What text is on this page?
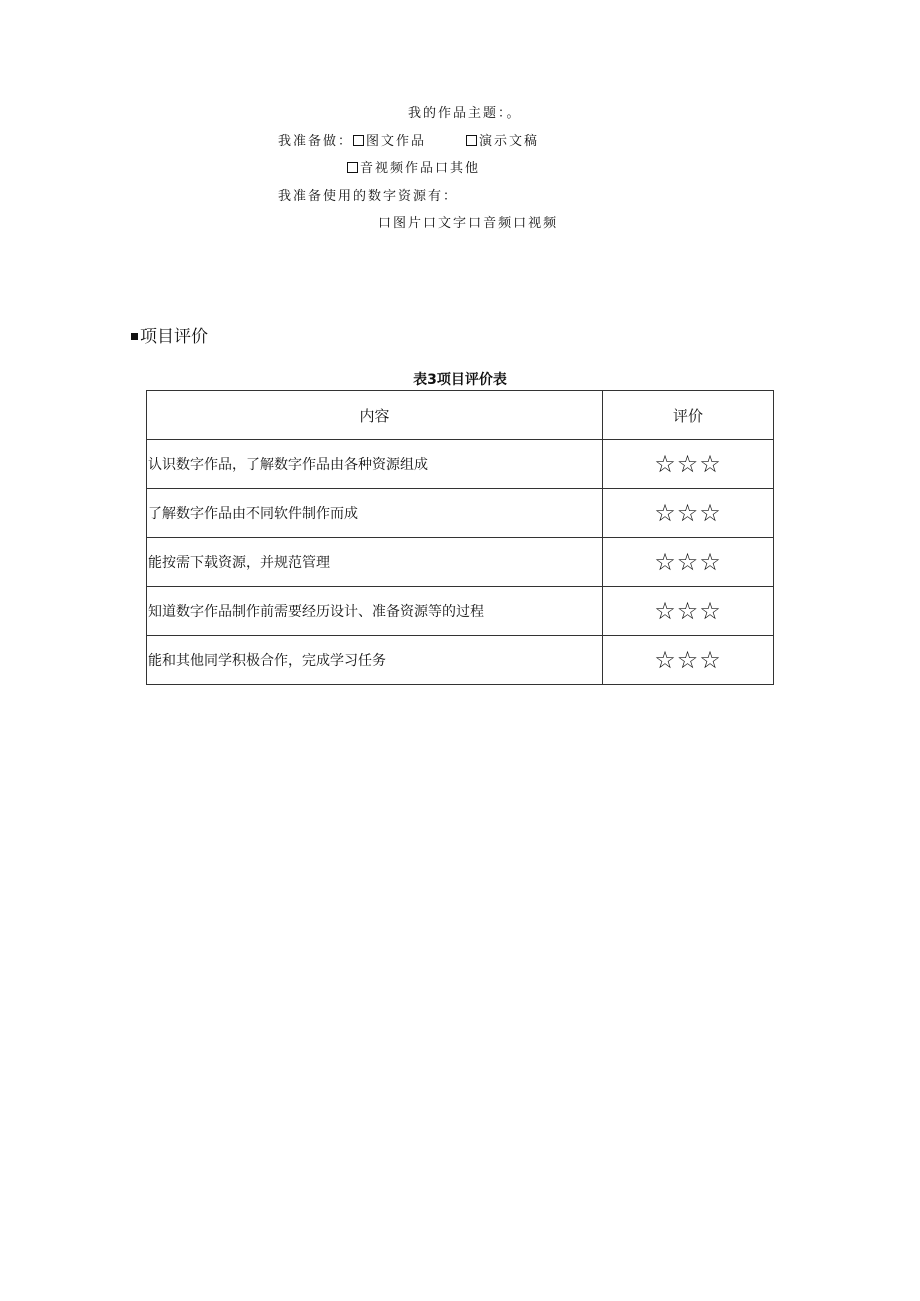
我的作品主题：。
我准备做： 图文作品	演示文稿
音视频作品口其他
我准备使用的数字资源有：
口图片口文字口音频口视频
项目评价
表3项目评价表
内容	评价
认识数字作品，了解数字作品由各种资源组成	☆☆☆
了解数字作品由不同软件制作而成	☆☆☆
能按需下载资源，并规范管理	☆☆☆
知道数字作品制作前需要经历设计、准备资源等的过程	☆☆☆
能和其他同学积极合作，完成学习任务	☆☆☆
